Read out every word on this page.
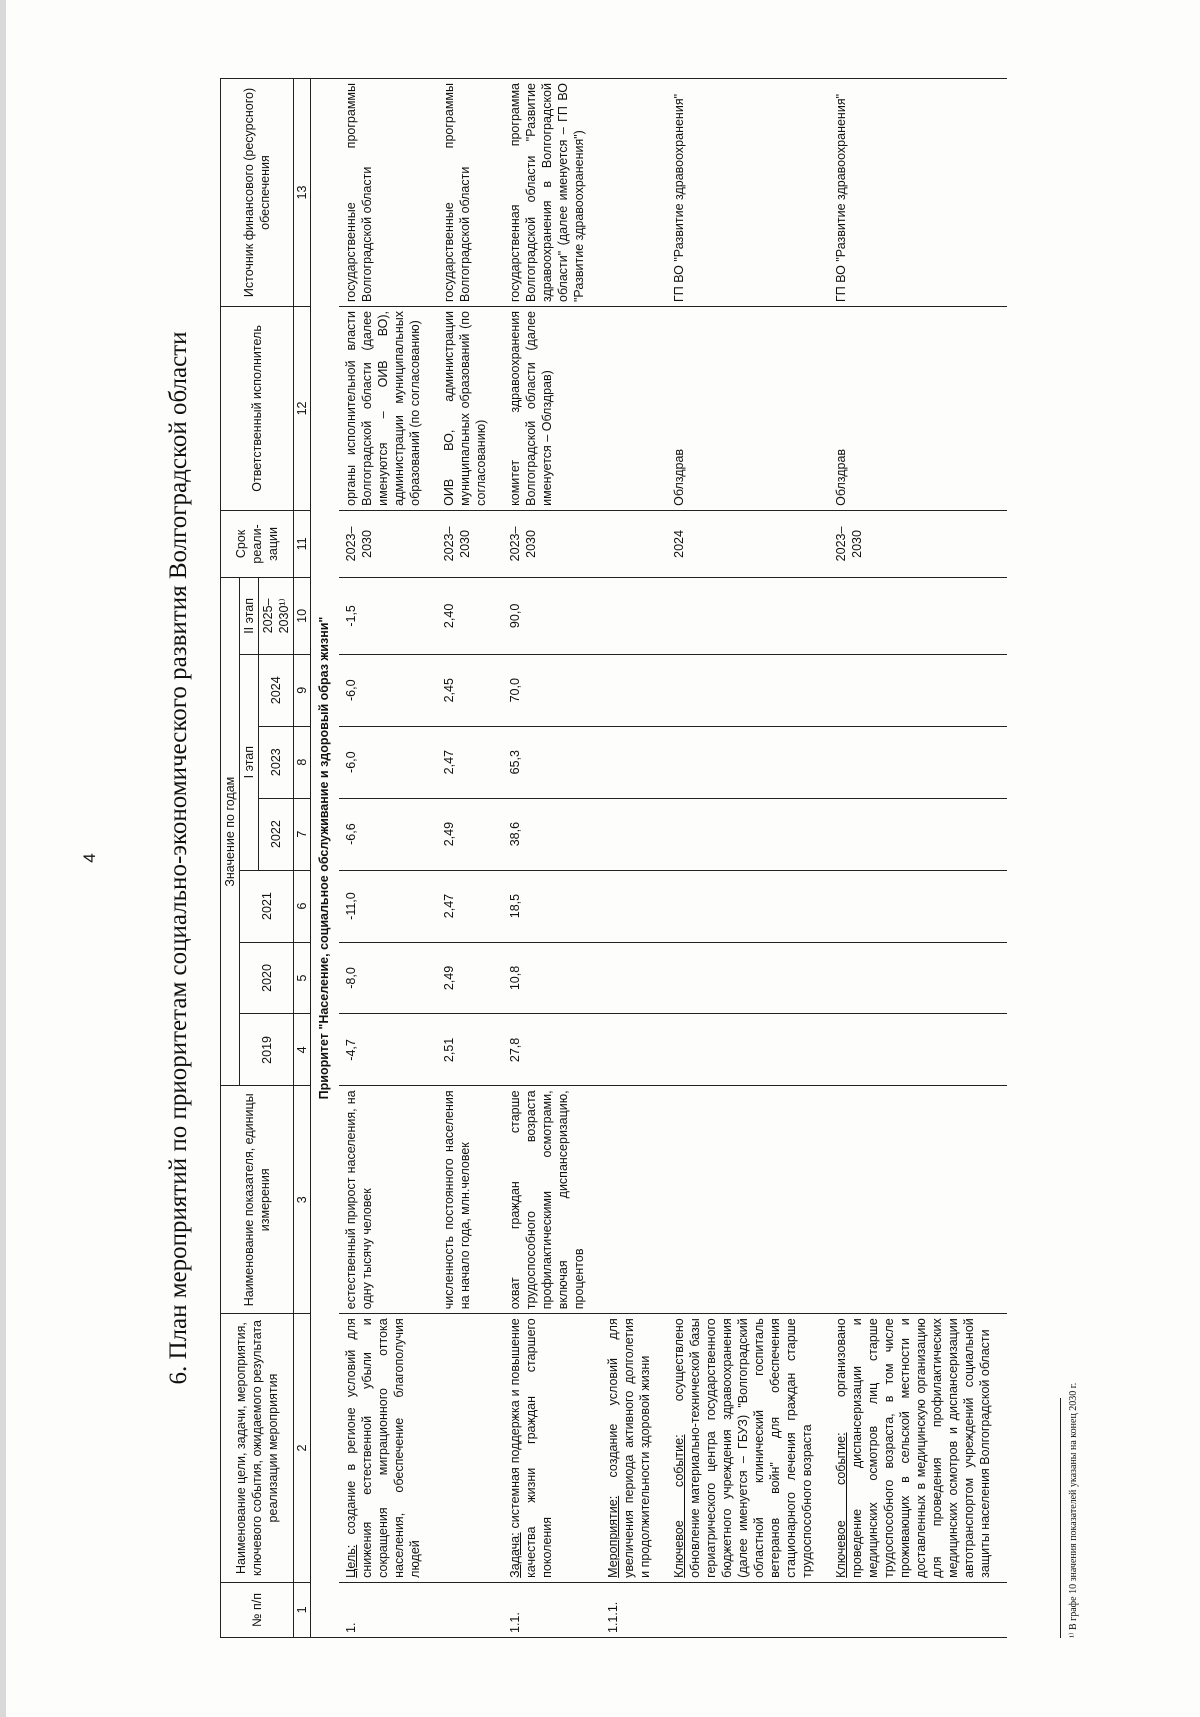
4	6. План мероприятий по приоритетам социально-экономического развития Волгоградской области
№ п/п	Наименование цели, задачи, мероприятия, ключевого события, ожидаемого результата реализации мероприятия	Наименование показателя, единицы измерения	Значение по годам							Срок реали-зации	Ответственный исполнитель	Источник финансового (ресурсного) обеспечения
			2019	2020	2021	I этап			II этап			
						2022	2023	2024	2025–2030¹⁾			
1	2	3	4	5	6	7	8	9	10	11	12	13
Приоритет "Население, социальное обслуживание и здоровый образ жизни"												
1.	Цель: создание в регионе условий для снижения естественной убыли и сокращения миграционного оттока населения, обеспечение благополучия людей	естественный прирост населения, на одну тысячу человек	-4,7	-8,0	-11,0	-6,6	-6,0	-6,0	-1,5	2023–2030	органы исполнительной власти Волгоградской области (далее именуются – ОИВ ВО), администрации муниципальных образований (по согласованию)	государственные программы Волгоградской области
		численность постоянного населения на начало года, млн.человек	2,51	2,49	2,47	2,49	2,47	2,45	2,40	2023–2030	ОИВ ВО, администрации муниципальных образований (по согласованию)	государственные программы Волгоградской области
1.1.	Задача: системная поддержка и повышение качества жизни граждан старшего поколения	охват граждан старше трудоспособного возраста профилактическими осмотрами, включая диспансеризацию, процентов	27,8	10,8	18,5	38,6	65,3	70,0	90,0	2023–2030	комитет здравоохранения Волгоградской области (далее именуется – Облздрав)	государственная программа Волгоградской области "Развитие здравоохранения в Волгоградской области" (далее именуется – ГП ВО "Развитие здравоохранения")
1.1.1.	Мероприятие: создание условий для увеличения периода активного долголетия и продолжительности здоровой жизни											
	Ключевое событие: осуществлено обновление материально-технической базы гериатрического центра государственного бюджетного учреждения здравоохранения (далее именуется – ГБУЗ) "Волгоградский областной клинический госпиталь ветеранов войн" для обеспечения стационарного лечения граждан старше трудоспособного возраста									2024	Облздрав	ГП ВО "Развитие здравоохранения"
	Ключевое событие: организовано проведение диспансеризации и медицинских осмотров лиц старше трудоспособного возраста, в том числе проживающих в сельской местности и доставленных в медицинскую организацию для проведения профилактических медицинских осмотров и диспансеризации автотранспортом учреждений социальной защиты населения Волгоградской области									2023–2030	Облздрав	ГП ВО "Развитие здравоохранения"
¹⁾ В графе 10 значения показателей указаны на конец 2030 г.
